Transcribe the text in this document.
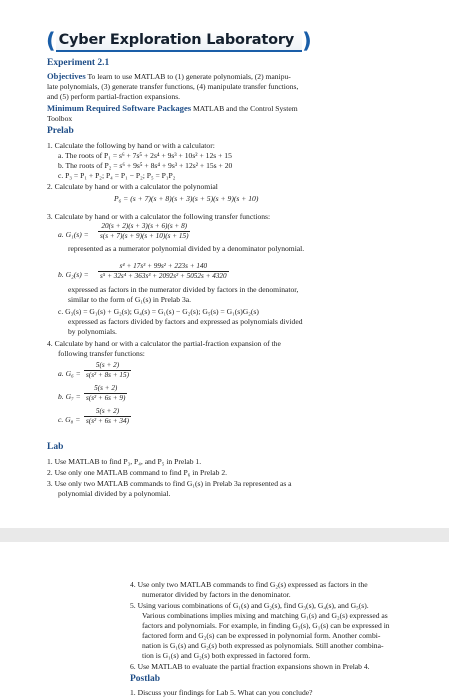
( Cyber Exploration Laboratory )
Experiment 2.1
Objectives To learn to use MATLAB to (1) generate polynomials, (2) manipu-
late polynomials, (3) generate transfer functions, (4) manipulate transfer functions,
and (5) perform partial-fraction expansions.
Minimum Required Software Packages MATLAB and the Control System
Toolbox
Prelab
1. Calculate the following by hand or with a calculator:
a. The roots of P₁ = s⁶ + 7s⁵ + 2s⁴ + 9s³ + 10s² + 12s + 15
b. The roots of P₂ = s⁶ + 9s⁵ + 8s⁴ + 9s³ + 12s² + 15s + 20
c. P₃ = P₁ + P₂; P₄ = P₁ − P₂; P₅ = P₁P₂
2. Calculate by hand or with a calculator the polynomial
P₆ = (s + 7)(s + 8)(s + 3)(s + 5)(s + 9)(s + 10)
3. Calculate by hand or with a calculator the following transfer functions:
a. $G_1(s) = \frac{20(s + 2)(s + 3)(s + 6)(s + 8)}{s(s + 7)(s + 9)(s + 10)(s + 15)}$
represented as a numerator polynomial divided by a denominator polynomial.
b. $G_2(s) = \frac{\text{s⁴ + 17s³ + 99s² + 223s + 140}}{\text{s⁵ + 32s⁴ + 363s³ + 2092s² + 5052s + 4320}}$
expressed as factors in the numerator divided by factors in the denominator,
similar to the form of G₁(s) in Prelab 3a.
c. G₃(s) = G₁(s) + G₂(s); G₄(s) = G₁(s) − G₂(s); G₅(s) = G₁(s)G₂(s)
expressed as factors divided by factors and expressed as polynomials divided
by polynomials.
4. Calculate by hand or with a calculator the partial-fraction expansion of the
following transfer functions:
a. $G_6 = \frac{5(s + 2)}{\text{s(s² + 8s + 15)}}$
b. $G_7 = \frac{5(s + 2)}{\text{s(s² + 6s + 9)}}$
c. $G_8 = \frac{5(s + 2)}{\text{s(s² + 6s + 34)}}$
Lab
1. Use MATLAB to find P₃, P₄, and P₅ in Prelab 1.
2. Use only one MATLAB command to find P₆ in Prelab 2.
3. Use only two MATLAB commands to find G₁(s) in Prelab 3a represented as a
polynomial divided by a polynomial.
4. Use only two MATLAB commands to find G₂(s) expressed as factors in the
numerator divided by factors in the denominator.
5. Using various combinations of G₁(s) and G₂(s), find G₃(s), G₄(s), and G₅(s).
Various combinations implies mixing and matching G₁(s) and G₂(s) expressed as
factors and polynomials. For example, in finding G₃(s), G₁(s) can be expressed in
factored form and G₂(s) can be expressed in polynomial form. Another combi-
nation is G₁(s) and G₂(s) both expressed as polynomials. Still another combina-
tion is G₁(s) and G₂(s) both expressed in factored form.
6. Use MATLAB to evaluate the partial fraction expansions shown in Prelab 4.
Postlab
1. Discuss your findings for Lab 5. What can you conclude?
